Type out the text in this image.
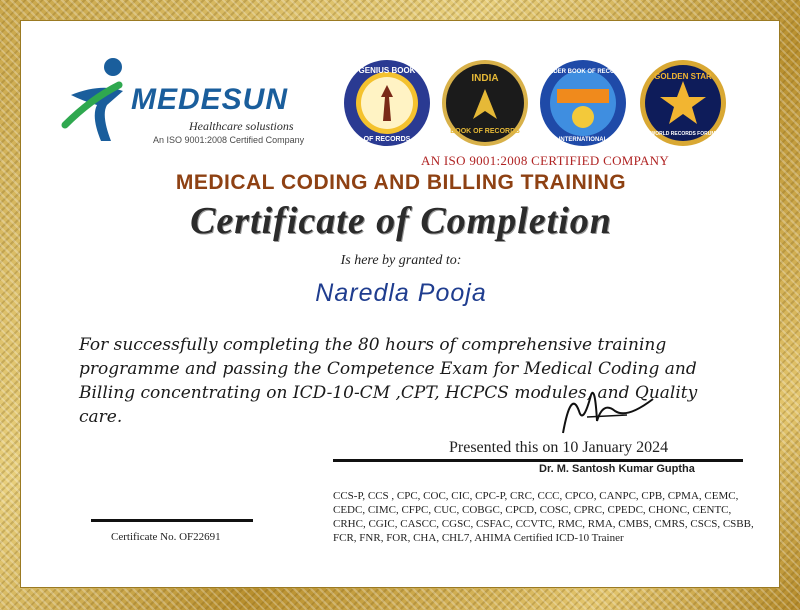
MEDESUN
Healthcare solustions
An ISO 9001:2008 Certified Company
GENIUS BOOK
OF RECORDS
INDIA
BOOK OF RECORDS
WONDER BOOK OF RECORDS
INTERNATIONAL
GOLDEN STAR
WORLD RECORDS FORUM
AN ISO 9001:2008 CERTIFIED COMPANY
MEDICAL CODING AND BILLING TRAINING
Certificate of Completion
Is here by granted to:
Naredla Pooja
For successfully completing the 80 hours of comprehensive training programme and passing the Competence Exam for Medical Coding and Billing concentrating on ICD-10-CM ,CPT, HCPCS modules, and Quality care.
Presented this on 10 January 2024
Dr. M. Santosh Kumar Guptha
CCS-P, CCS , CPC, COC, CIC, CPC-P, CRC, CCC, CPCO, CANPC, CPB, CPMA, CEMC, CEDC, CIMC, CFPC, CUC, COBGC, CPCD, COSC, CPRC, CPEDC, CHONC, CENTC, CRHC, CGIC, CASCC, CGSC, CSFAC, CCVTC, RMC, RMA, CMBS, CMRS, CSCS, CSBB, FCR, FNR, FOR, CHA, CHL7, AHIMA Certified ICD-10 Trainer
Certificate No. OF22691
